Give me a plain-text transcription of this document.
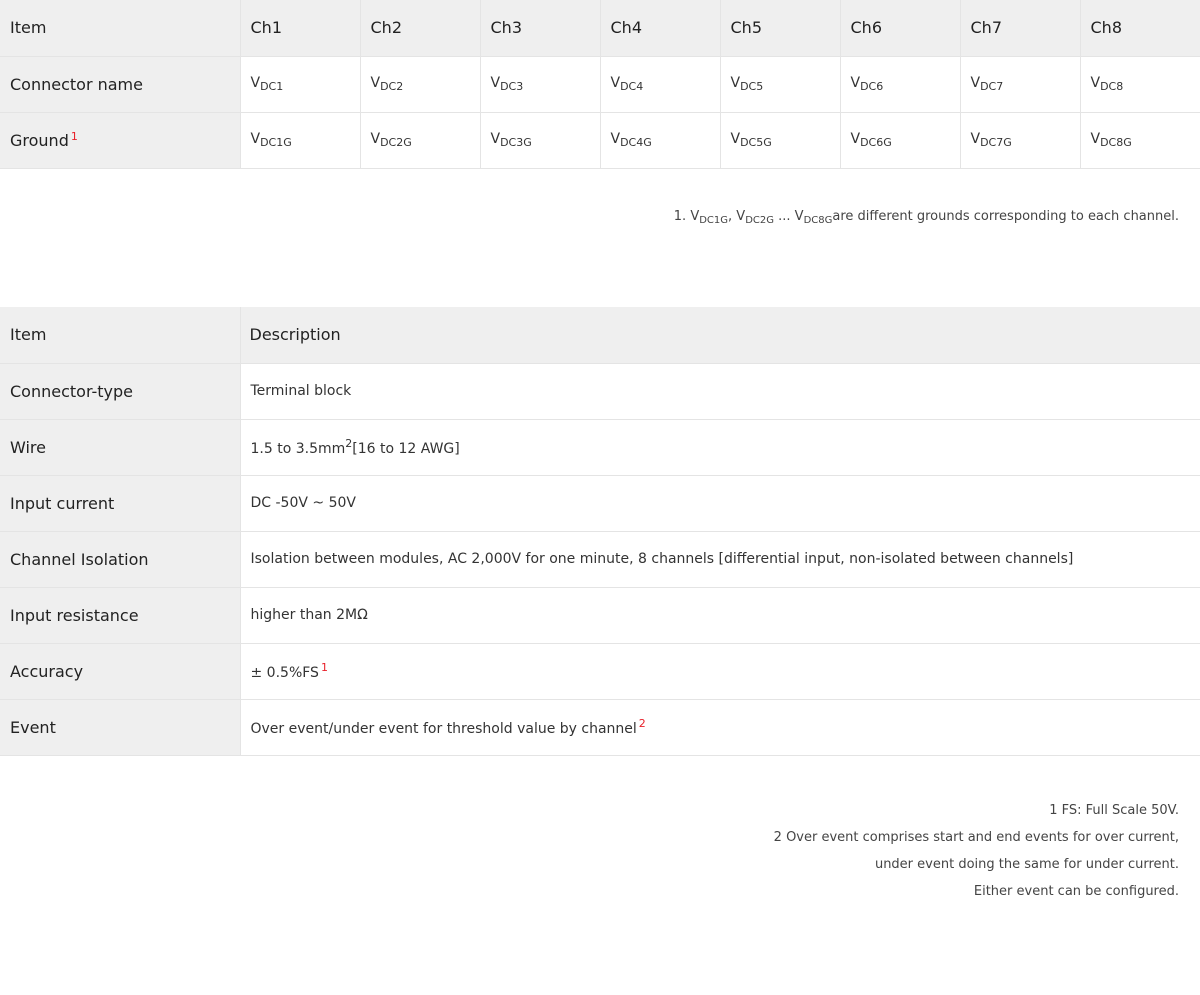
Item	Ch1	Ch2	Ch3	Ch4	Ch5	Ch6	Ch7	Ch8
Connector name	$V_{DC1}$	$V_{DC2}$	$V_{DC3}$	$V_{DC4}$	$V_{DC5}$	$V_{DC6}$	$V_{DC7}$	$V_{DC8}$
Ground $^1$	$V_{DC1G}$	$V_{DC2G}$	$V_{DC3G}$	$V_{DC4G}$	$V_{DC5G}$	$V_{DC6G}$	$V_{DC7G}$	$V_{DC8G}$
1. $V_{DC1G}$, $V_{DC2G}$ ... $V_{DC8G}are$ different grounds corresponding to each channel.
Item	Description
Connector-type	Terminal block
Wire	1.5 to $3.5mm^2[16$ to 12 AWG]
Input current	DC -50V ~ 50V
Channel Isolation	Isolation between modules, AC 2,000V for one minute, 8 channels [differential input, non-isolated between channels]
Input resistance	higher than 2MΩ
Accuracy	± 0.5%FS $^1$
Event	Over event/under event for threshold value by channel $^2$
1 FS: Full Scale 50V.
2 Over event comprises start and end events for over current,
under event doing the same for under current.
Either event can be configured.
